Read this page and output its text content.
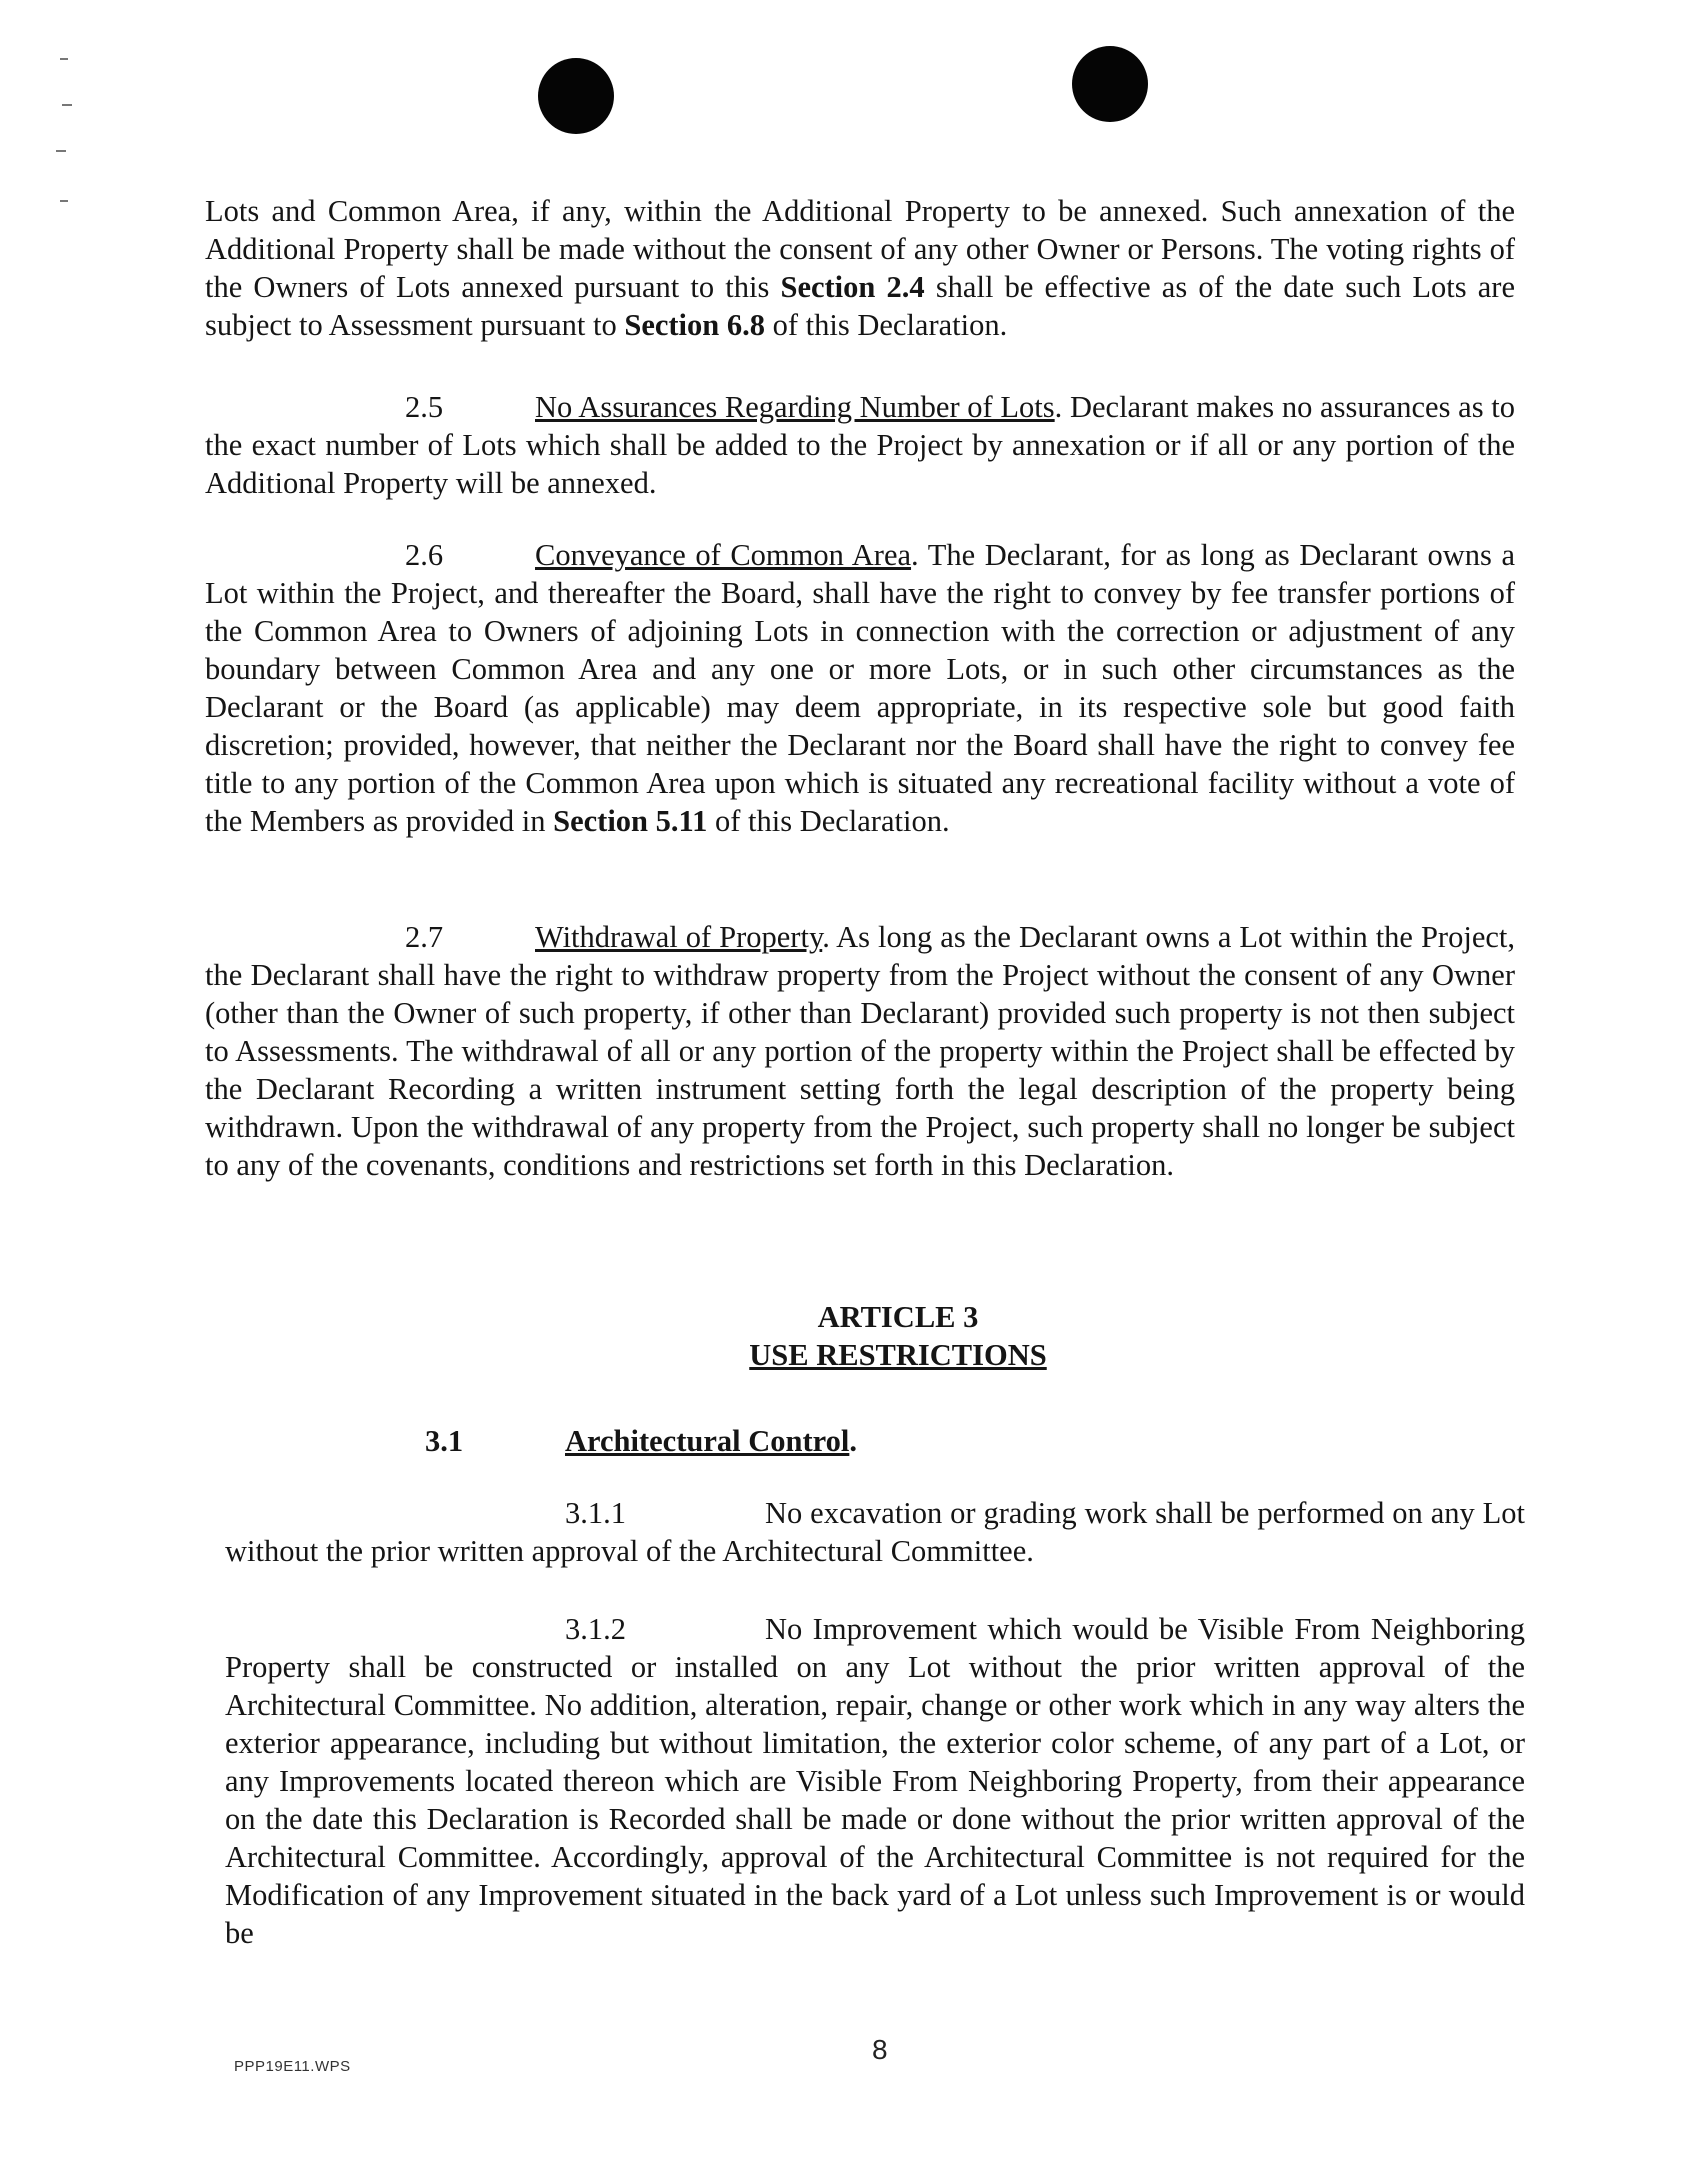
Lots and Common Area, if any, within the Additional Property to be annexed. Such annexation of the Additional Property shall be made without the consent of any other Owner or Persons. The voting rights of the Owners of Lots annexed pursuant to this Section 2.4 shall be effective as of the date such Lots are subject to Assessment pursuant to Section 6.8 of this Declaration.

2.5	No Assurances Regarding Number of Lots. Declarant makes no assurances as to the exact number of Lots which shall be added to the Project by annexation or if all or any portion of the Additional Property will be annexed.

2.6	Conveyance of Common Area. The Declarant, for as long as Declarant owns a Lot within the Project, and thereafter the Board, shall have the right to convey by fee transfer portions of the Common Area to Owners of adjoining Lots in connection with the correction or adjustment of any boundary between Common Area and any one or more Lots, or in such other circumstances as the Declarant or the Board (as applicable) may deem appropriate, in its respective sole but good faith discretion; provided, however, that neither the Declarant nor the Board shall have the right to convey fee title to any portion of the Common Area upon which is situated any recreational facility without a vote of the Members as provided in Section 5.11 of this Declaration.

2.7	Withdrawal of Property. As long as the Declarant owns a Lot within the Project, the Declarant shall have the right to withdraw property from the Project without the consent of any Owner (other than the Owner of such property, if other than Declarant) provided such property is not then subject to Assessments. The withdrawal of all or any portion of the property within the Project shall be effected by the Declarant Recording a written instrument setting forth the legal description of the property being withdrawn. Upon the withdrawal of any property from the Project, such property shall no longer be subject to any of the covenants, conditions and restrictions set forth in this Declaration.

ARTICLE 3
USE RESTRICTIONS
3.1	Architectural Control.

3.1.1	No excavation or grading work shall be performed on any Lot without the prior written approval of the Architectural Committee.

3.1.2	No Improvement which would be Visible From Neighboring Property shall be constructed or installed on any Lot without the prior written approval of the Architectural Committee. No addition, alteration, repair, change or other work which in any way alters the exterior appearance, including but without limitation, the exterior color scheme, of any part of a Lot, or any Improvements located thereon which are Visible From Neighboring Property, from their appearance on the date this Declaration is Recorded shall be made or done without the prior written approval of the Architectural Committee. Accordingly, approval of the Architectural Committee is not required for the Modification of any Improvement situated in the back yard of a Lot unless such Improvement is or would be

PPP19E11.WPS
8
